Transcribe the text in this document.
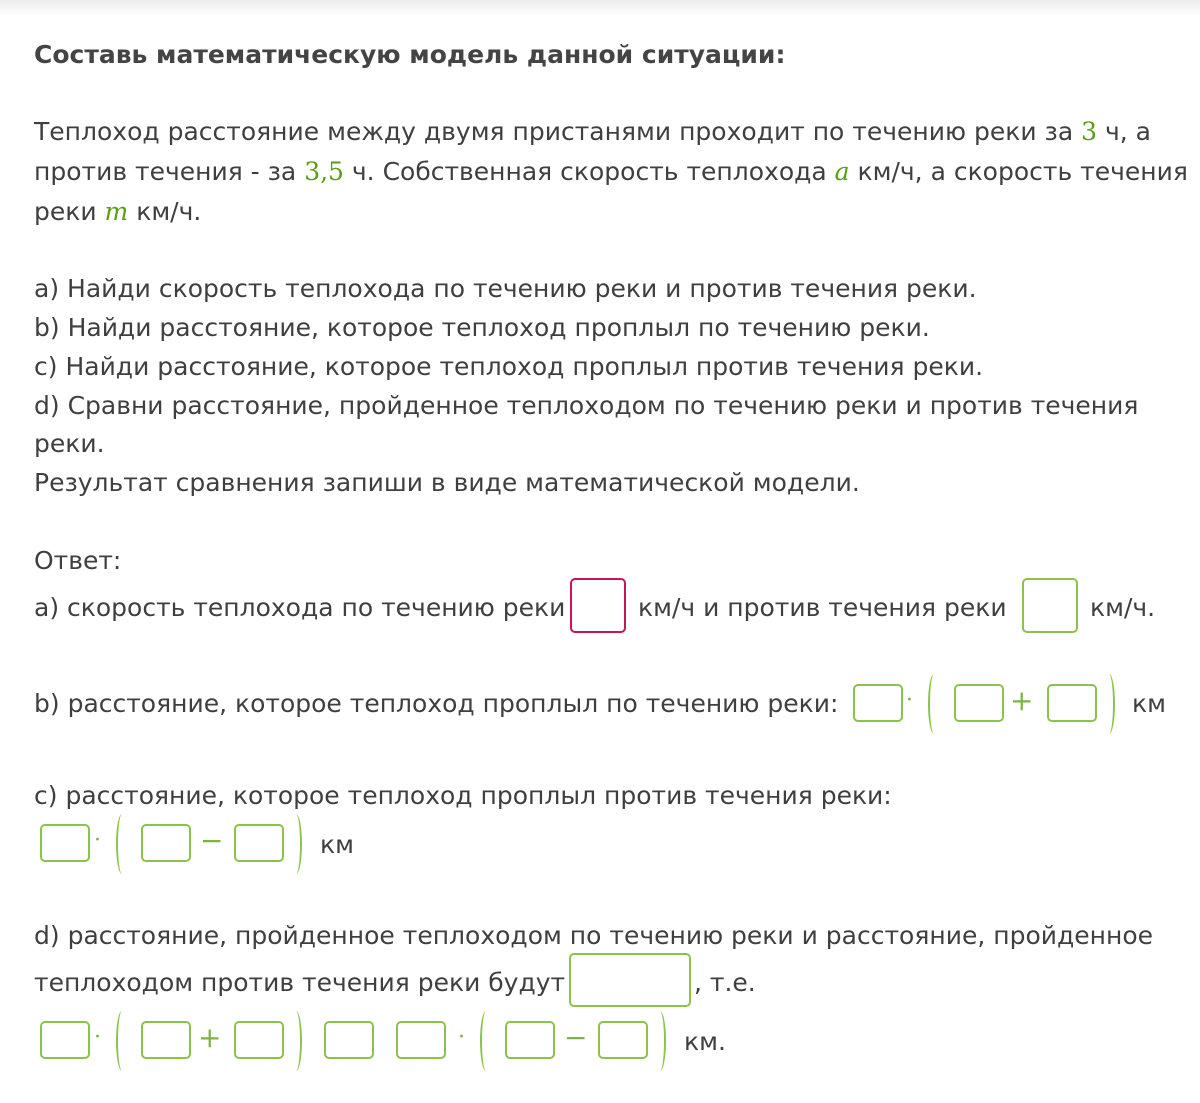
Составь математическую модель данной ситуации:
Теплоход расстояние между двумя пристанями проходит по течению реки за 3 ч, а
против течения - за 3,5 ч. Собственная скорость теплохода a км/ч, а скорость течения
реки m км/ч.
a) Найди скорость теплохода по течению реки и против течения реки.
b) Найди расстояние, которое теплоход проплыл по течению реки.
c) Найди расстояние, которое теплоход проплыл против течения реки.
d) Сравни расстояние, пройденное теплоходом по течению реки и против течения
реки.
Результат сравнения запиши в виде математической модели.
Ответ:
a) скорость теплохода по течению реки	км/ч и против течения реки	км/ч.
b) расстояние, которое теплоход проплыл по течению реки:	·	+	км
c) расстояние, которое теплоход проплыл против течения реки:
·	−	км
d) расстояние, пройденное теплоходом по течению реки и расстояние, пройденное
теплоходом против течения реки будут	, т.е.
·	+	·	−	км.
